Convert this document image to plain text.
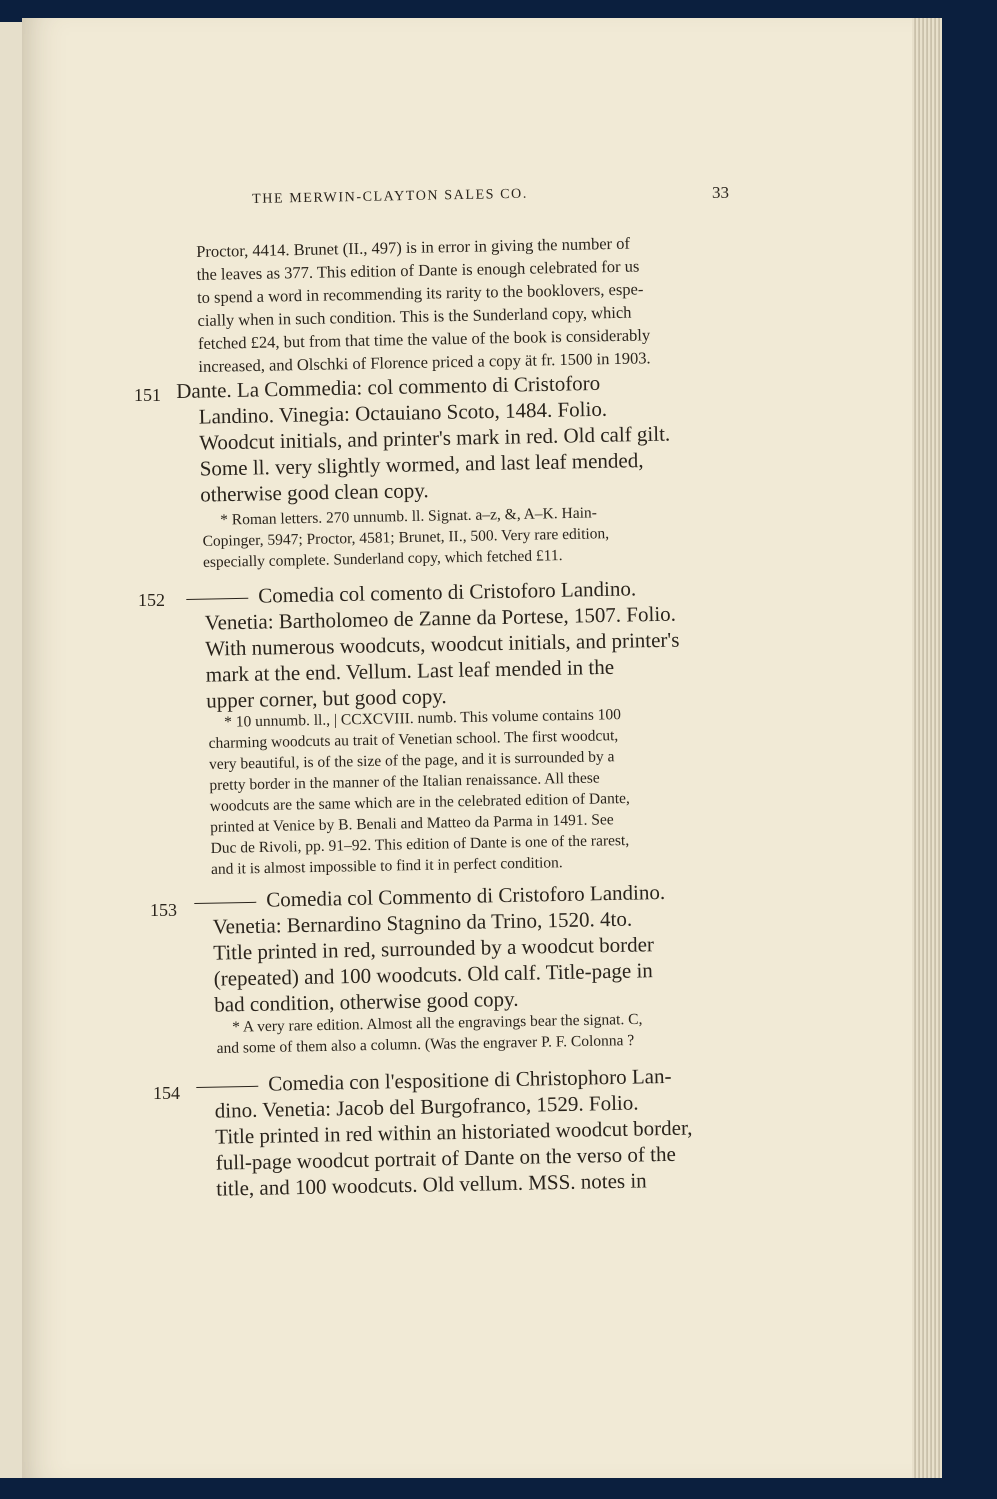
THE MERWIN-CLAYTON SALES CO.	33
Proctor, 4414. Brunet (II., 497) is in error in giving the number of
the leaves as 377. This edition of Dante is enough celebrated for us
to spend a word in recommending its rarity to the booklovers, espe-
cially when in such condition. This is the Sunderland copy, which
fetched £24, but from that time the value of the book is considerably
increased, and Olschki of Florence priced a copy ät fr. 1500 in 1903.
151 Dante. La Commedia: col commento di Cristoforo
Landino. Vinegia: Octauiano Scoto, 1484. Folio.
Woodcut initials, and printer's mark in red. Old calf gilt.
Some ll. very slightly wormed, and last leaf mended,
otherwise good clean copy.
* Roman letters. 270 unnumb. ll. Signat. a–z, &, A–K. Hain-
Copinger, 5947; Proctor, 4581; Brunet, II., 500. Very rare edition,
especially complete. Sunderland copy, which fetched £11.
152	Comedia col comento di Cristoforo Landino.
Venetia: Bartholomeo de Zanne da Portese, 1507. Folio.
With numerous woodcuts, woodcut initials, and printer's
mark at the end. Vellum. Last leaf mended in the
upper corner, but good copy.
* 10 unnumb. ll., | CCXCVIII. numb. This volume contains 100
charming woodcuts au trait of Venetian school. The first woodcut,
very beautiful, is of the size of the page, and it is surrounded by a
pretty border in the manner of the Italian renaissance. All these
woodcuts are the same which are in the celebrated edition of Dante,
printed at Venice by B. Benali and Matteo da Parma in 1491. See
Duc de Rivoli, pp. 91–92. This edition of Dante is one of the rarest,
and it is almost impossible to find it in perfect condition.
153	Comedia col Commento di Cristoforo Landino.
Venetia: Bernardino Stagnino da Trino, 1520. 4to.
Title printed in red, surrounded by a woodcut border
(repeated) and 100 woodcuts. Old calf. Title-page in
bad condition, otherwise good copy.
* A very rare edition. Almost all the engravings bear the signat. C,
and some of them also a column. (Was the engraver P. F. Colonna ?
154	Comedia con l'espositione di Christophoro Lan-
dino. Venetia: Jacob del Burgofranco, 1529. Folio.
Title printed in red within an historiated woodcut border,
full-page woodcut portrait of Dante on the verso of the
title, and 100 woodcuts. Old vellum. MSS. notes in
